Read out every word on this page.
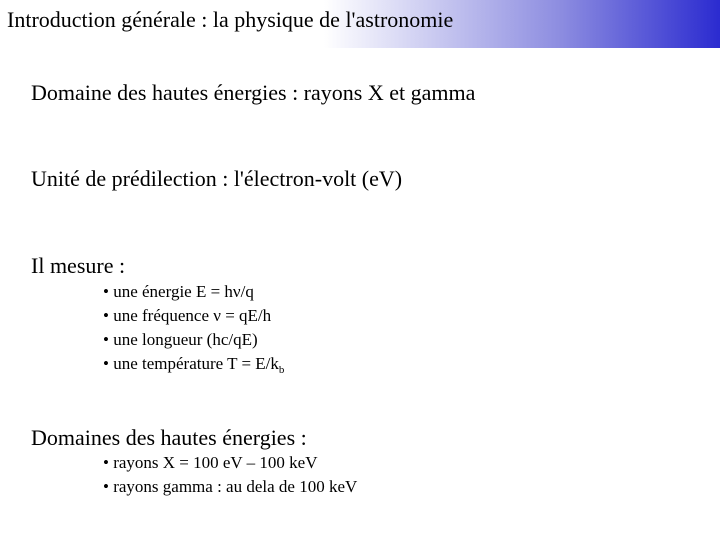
Introduction générale : la physique de l'astronomie
Domaine des hautes énergies : rayons X et gamma
Unité de prédilection : l'électron-volt (eV)
Il mesure :
• une énergie E = hν/q
• une fréquence ν = qE/h
• une longueur (hc/qE)
• une température $T = E/k_b$
Domaines des hautes énergies :
• rayons X = 100 eV – 100 keV
• rayons gamma : au dela de 100 keV
